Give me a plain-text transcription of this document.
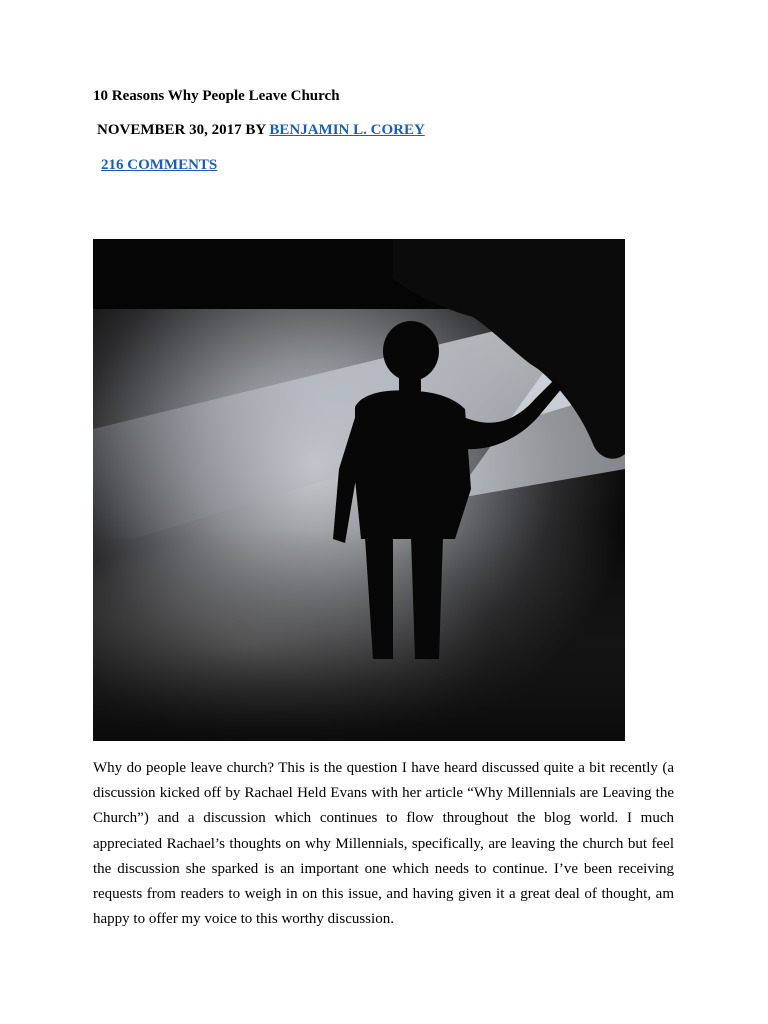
10 Reasons Why People Leave Church
NOVEMBER 30, 2017 BY BENJAMIN L. COREY
216 COMMENTS
Why do people leave church? This is the question I have heard discussed quite a bit recently (a discussion kicked off by Rachael Held Evans with her article “Why Millennials are Leaving the Church”) and a discussion which continues to flow throughout the blog world. I much appreciated Rachael’s thoughts on why Millennials, specifically, are leaving the church but feel the discussion she sparked is an important one which needs to continue. I’ve been receiving requests from readers to weigh in on this issue, and having given it a great deal of thought, am happy to offer my voice to this worthy discussion.
